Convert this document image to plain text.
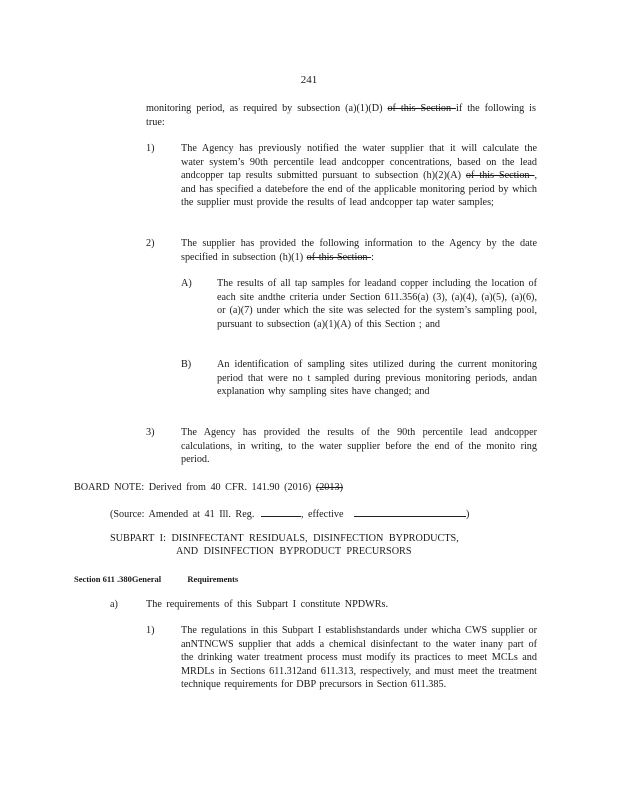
241
monitoring period, as required by subsection (a)(1)(D) of this Section if the following is true:
1)	The Agency has previously notified the water supplier that it will calculate the water system’s 90th percentile lead andcopper concentrations, based on the lead andcopper tap results submitted pursuant to subsection (h)(2)(A) of this Section , and has specified a datebefore the end of the applicable monitoring period by which the supplier must provide the results of lead andcopper tap water samples;
2)	The supplier has provided the following information to the Agency by the date specified in subsection (h)(1) of this Section :
A) The results of all tap samples for leadand copper including the location of each site andthe criteria under Section 611.356(a) (3), (a)(4), (a)(5), (a)(6), or (a)(7) under which the site was selected for the system’s sampling pool, pursuant to subsection (a)(1)(A) of this Section ; and
B)	An identification of sampling sites utilized during the current monitoring period that were no t sampled during previous monitoring periods, andan explanation why sampling sites have changed; and
3)	The Agency has provided the results of the 90th percentile lead andcopper calculations, in writing, to the water supplier before the end of the monito ring period.
BOARD NOTE: Derived from 40 CFR. 141.90 (2016) (2013)
(Source: Amended at 41 Ill. Reg.	, effective	)
SUBPART I: DISINFECTANT RESIDUALS, DISINFECTION BYPRODUCTS,
AND DISINFECTION BYPRODUCT PRECURSORS
Section 611 .380General	Requirements
a)	The requirements of this Subpart I constitute NPDWRs.
1)	The regulations in this Subpart I establishstandards under whicha CWS supplier or anNTNCWS supplier that adds a chemical disinfectant to the water inany part of the drinking water treatment process must modify its practices to meet MCLs and MRDLs in Sections 611.312and 611.313, respectively, and must meet the treatment technique requirements for DBP precursors in Section 611.385.
